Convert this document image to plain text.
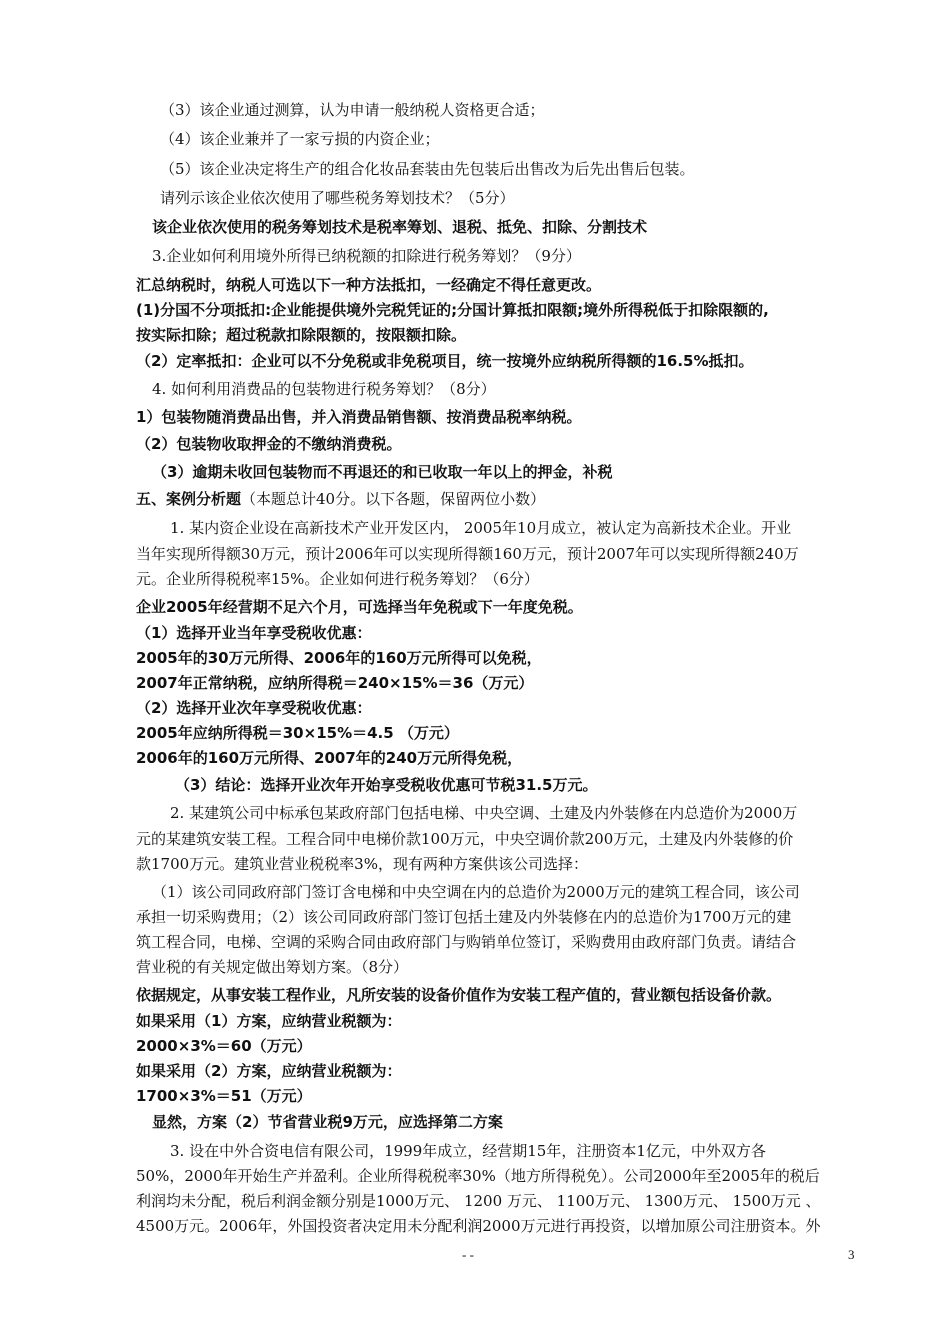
（3）该企业通过测算，认为申请一般纳税人资格更合适；
（4）该企业兼并了一家亏损的内资企业；
（5）该企业决定将生产的组合化妆品套装由先包装后出售改为后先出售后包装。
请列示该企业依次使用了哪些税务筹划技术？（5分）
该企业依次使用的税务筹划技术是税率筹划、退税、抵免、扣除、分割技术
3.企业如何利用境外所得已纳税额的扣除进行税务筹划？（9分）
汇总纳税时，纳税人可选以下一种方法抵扣，一经确定不得任意更改。
(1)分国不分项抵扣:企业能提供境外完税凭证的;分国计算抵扣限额;境外所得税低于扣除限额的,
按实际扣除；超过税款扣除限额的，按限额扣除。
（2）定率抵扣：企业可以不分免税或非免税项目，统一按境外应纳税所得额的16.5%抵扣。
4. 如何利用消费品的包装物进行税务筹划？（8分）
1）包装物随消费品出售，并入消费品销售额、按消费品税率纳税。
（2）包装物收取押金的不缴纳消费税。
（3）逾期未收回包装物而不再退还的和已收取一年以上的押金，补税
五、案例分析题（本题总计40分。以下各题，保留两位小数）
1. 某内资企业设在高新技术产业开发区内， 2005年10月成立，被认定为高新技术企业。开业
当年实现所得额30万元，预计2006年可以实现所得额160万元，预计2007年可以实现所得额240万
元。企业所得税税率15%。企业如何进行税务筹划？（6分）
企业2005年经营期不足六个月，可选择当年免税或下一年度免税。
（1）选择开业当年享受税收优惠：
2005年的30万元所得、2006年的160万元所得可以免税，
2007年正常纳税，应纳所得税＝240×15%＝36（万元）
（2）选择开业次年享受税收优惠：
2005年应纳所得税＝30×15%＝4.5 （万元）
2006年的160万元所得、2007年的240万元所得免税，
（3）结论：选择开业次年开始享受税收优惠可节税31.5万元。
2. 某建筑公司中标承包某政府部门包括电梯、中央空调、土建及内外装修在内总造价为2000万
元的某建筑安装工程。工程合同中电梯价款100万元，中央空调价款200万元，土建及内外装修的价
款1700万元。建筑业营业税税率3%，现有两种方案供该公司选择：
（1）该公司同政府部门签订含电梯和中央空调在内的总造价为2000万元的建筑工程合同，该公司
承担一切采购费用；（2）该公司同政府部门签订包括土建及内外装修在内的总造价为1700万元的建
筑工程合同，电梯、空调的采购合同由政府部门与购销单位签订，采购费用由政府部门负责。请结合
营业税的有关规定做出筹划方案。（8分）
依据规定，从事安装工程作业，凡所安装的设备价值作为安装工程产值的，营业额包括设备价款。
如果采用（1）方案，应纳营业税额为：
2000×3%＝60（万元）
如果采用（2）方案，应纳营业税额为：
1700×3%＝51（万元）
显然，方案（2）节省营业税9万元，应选择第二方案
3. 设在中外合资电信有限公司，1999年成立，经营期15年，注册资本1亿元，中外双方各
50%，2000年开始生产并盈利。企业所得税税率30%（地方所得税免）。公司2000年至2005年的税后
利润均未分配，税后利润金额分别是1000万元、 1200 万元、 1100万元、 1300万元、 1500万元 、
4500万元。2006年，外国投资者决定用未分配利润2000万元进行再投资，以增加原公司注册资本。外
- -	3
